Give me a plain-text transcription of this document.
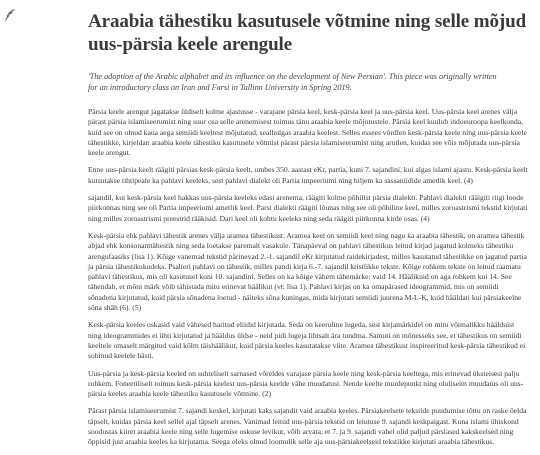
Araabia tähestiku kasutusele võtmine ning selle mõjud uus-pärsia keele arengule
'The adoption of the Arabic alphabet and its influence on the development of New Persian'. This piece was originally written for an introductory class on Iran and Farsi in Tallinn University in Spring 2019.

Pärsia keele arengut jagatakse üldiselt kolme ajastusse - varajane pärsia keel, kesk-pärsia keel ja uus-pärsia keel. Uus-pärsia keel arenes välja pärast pärsia islamiseerumist ning suur osa selle arenemisest toimus tänu araabia keele mõjutustele. Pärsia keel kuulub indoeuroopa keelkonda, kuid see on olnud kaua aega semiidi keeltest mõjutatud, sealhulgas araabia keelest. Selles essees võrdlen kesk-pärsia keele ning uus-pärsia keele tähestikke, kirjeldan araabia keele tähestiku kasutusele võtmist pärast pärsia islamiseerumist ning arutlen, kuidas see võis mõjutada uus-pärsia keele arengut.

Enne uus-pärsia keelt räägiti pärsias kesk-pärsia keelt, umbes 350. aastast eKr, partia, kuni 7. sajandini, kui algas islami ajastu. Kesk-pärsia keelt kutsutakse tihtipeale ka pahlavi keeleks, sest pahlavi dialekt oli Partia impeeriumi ning hiljem ka sassaniidide ametlik keel. (4)

sajandil, kui kesk-pärsia keel hakkas uus-pärsia keeleks edasi arenema, räägiti kolme põhilist pärsia dialekti. Pahlavi dialekti rääigiti riigi loode piirkonnas ning see oli Partia impeeriumi ametlik keel. Parsi dialekti räägiti lõunas ning see oli põhiline keel, milles zoroastrismi tekstid kirjutati ning milles zoroastrismi preestrid rääkisid. Dari keel oli kohtu keeleks ning seda räägiti piirkonna kirde osas. (4)

Kesk-pärsia ehk pahlavi tähestik arenes välja aramea tähestikust. Aramea keel on semiidi keel ning nagu ka araabia tähestik, on aramea tähestik abjad ehk konsonanttähestik ning seda loetakse paremalt vasakule. Tänapäeval on pahlavi tähestikus leitud kirjad jagatud kolmeks tähestiku arengufaasiks (lisa 1). Kõige vanemad tekstid pärinevad 2.-1. sajandil eKr kirjutatud raidekirjadest, milles kasutatud tähestikke on jagatud partia ja pärsia tähestikukudeks. Psalteri pahlavi on tähestik, milles pandi kirja 6.-7. sajandil kristlikke tekste. Kõige rohkem tekste on leitud raamatu pahlavi tähestikus, mis oli kasutusel kuni 10. sajandini. Selles on ka kõige vähem tähemärke: vaid 14. Häälikuid on aga rohkem kui 14. See tähendab, et mõni märk võib tähistada mitu erinevat häälikut (vt: lisa 1). Pahlavi kirjas on ka omapärased ideogrammid, mis on semiidi sõnadena kirjutatud, kuid pärsia sõnadena loetud - näiteks sõna kuningas, mida kirjutati semiidi juurena M-L-K, kuid hääldati kui pärsiakeelne sõna shāh (6). (5)

Kesk-pärsia keeles oskasid vaid vähesed haritud eliidid kirjutada. Seda on keeruline lugeda, sest kirjamärkidel on mitu võimalikku häälduist ning ideogrammides ei ühti kirjutatud ja hääldus üldse - neid pidi lugeja lihtsalt ära tundma. Samuti on mõnesseks see, et tähestikus on semiidi keeltele omaselt märgitud vaid kõlm täishäälikut, kuid pärsia keeles kasutatakse viite. Aramea tähestikust inspireeritud kesk-pärsia tähestikud ei sobinud keelele hästi.

Uus-pärsia ja kesk-pärsia keeled on suhteliselt sarnased võreldes varajase pärsia keele ning kesk-pärsia keeltega, mis erinevad üksteisest palju rohkem. Foneetiliselt toimus kesk-pärsia keelest uus-pärsia keelde vähe muudatusi. Nende keelte murdepunkt ning oluliseim muudatus oli uus-pärsia keeles araabia keele tähestiku kasutusele võtmine. (2)

Pärast pärsia islamiseerumist 7. sajandi keskel, kirjutati kaks sajandit vaid araabia keeles. Pärsiakeelsete tekstide puudumise tõttu on raske öelda täpselt, kuidas pärsia keel sellel ajal täpselt arenes. Vanimad leitud uus-pärsia tekstid on leiutuse 9. sajandi keskpaigast. Kuna islami ühiskond soodustas kiiret araabia keele ning selle lugemise oskuse levikut, võib arvata, et 7. ja 9. sajandi vahel olid paljud pärslased kakskeelsed ning õppisid just araabia keeles ka kirjutama. Seega oleks olnud loomulik selle aja uus-pärsiakeelseid tekstikke kirjutati araabia tähestikus.
